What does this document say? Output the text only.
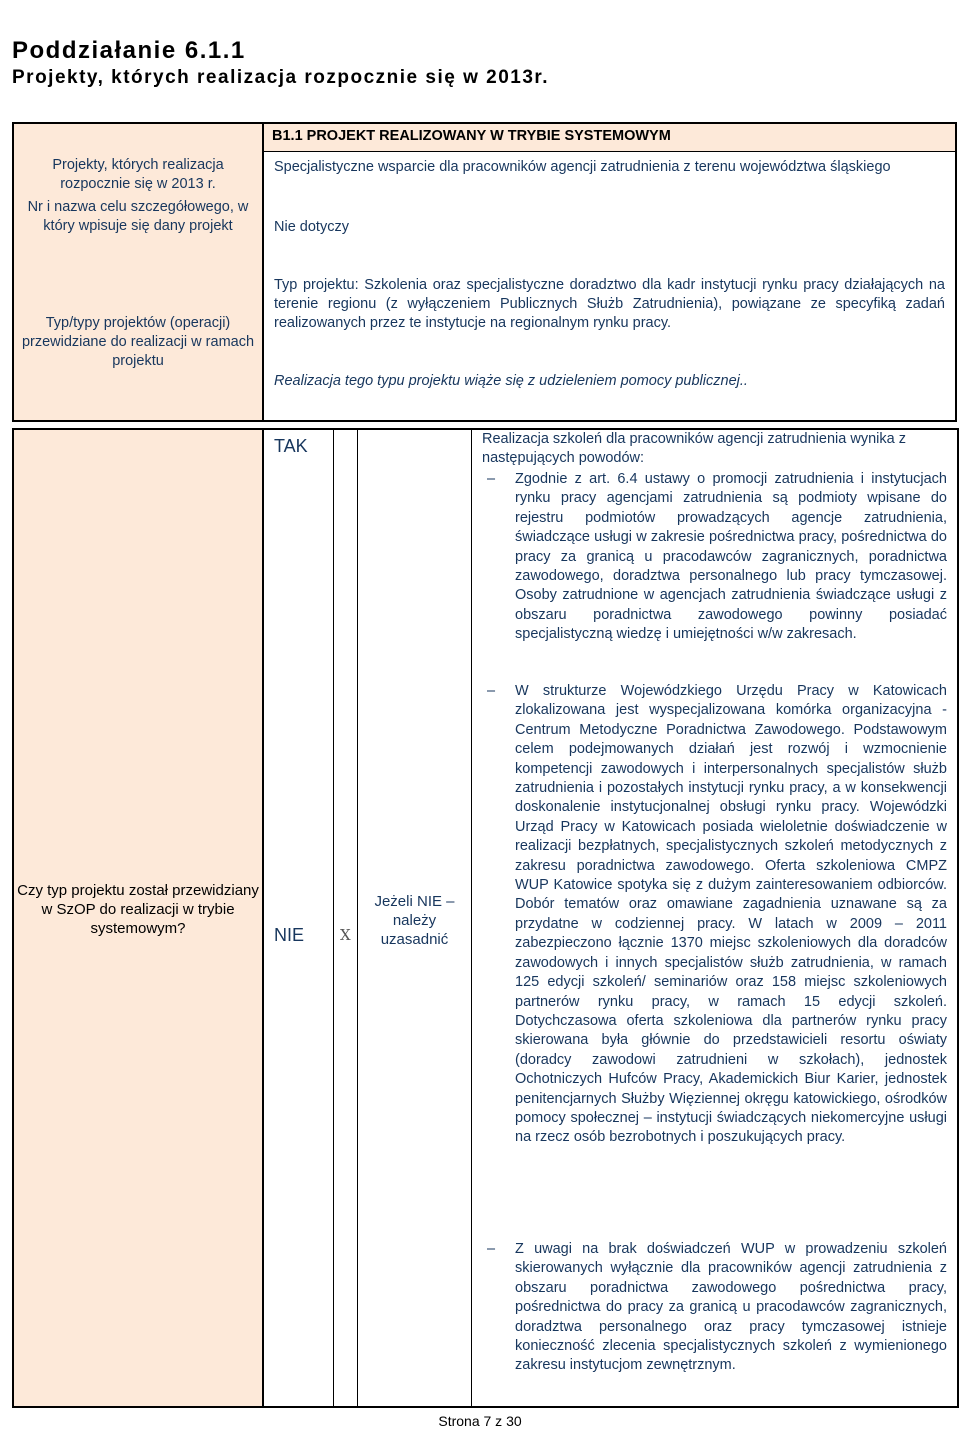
Poddziałanie 6.1.1
Projekty, których realizacja rozpocznie się w 2013r.
Projekty, których realizacja rozpocznie się w 2013 r.
Nr i nazwa celu szczegółowego, w który wpisuje się dany projekt
Typ/typy projektów (operacji) przewidziane do realizacji w ramach projektu
B1.1 PROJEKT REALIZOWANY W TRYBIE SYSTEMOWYM
Specjalistyczne wsparcie dla pracowników agencji zatrudnienia z terenu województwa śląskiego
Nie dotyczy
Typ projektu: Szkolenia oraz specjalistyczne doradztwo dla kadr instytucji rynku pracy działających na terenie regionu (z wyłączeniem Publicznych Służb Zatrudnienia), powiązane ze specyfiką zadań realizowanych przez te instytucje na regionalnym rynku pracy.
Realizacja tego typu projektu wiąże się z udzieleniem pomocy publicznej..
Czy typ projektu został przewidziany w SzOP do realizacji w trybie systemowym?
TAK
NIE X
Jeżeli NIE – należy uzasadnić
Realizacja szkoleń dla pracowników agencji zatrudnienia wynika z następujących powodów:
– Zgodnie z art. 6.4 ustawy o promocji zatrudnienia i instytucjach rynku pracy agencjami zatrudnienia są podmioty wpisane do rejestru podmiotów prowadzących agencje zatrudnienia, świadczące usługi w zakresie pośrednictwa pracy, pośrednictwa do pracy za granicą u pracodawców zagranicznych, poradnictwa zawodowego, doradztwa personalnego lub pracy tymczasowej. Osoby zatrudnione w agencjach zatrudnienia świadczące usługi z obszaru poradnictwa zawodowego powinny posiadać specjalistyczną wiedzę i umiejętności w/w zakresach.
– W strukturze Wojewódzkiego Urzędu Pracy w Katowicach zlokalizowana jest wyspecjalizowana komórka organizacyjna - Centrum Metodyczne Poradnictwa Zawodowego. Podstawowym celem podejmowanych działań jest rozwój i wzmocnienie kompetencji zawodowych i interpersonalnych specjalistów służb zatrudnienia i pozostałych instytucji rynku pracy, a w konsekwencji doskonalenie instytucjonalnej obsługi rynku pracy. Wojewódzki Urząd Pracy w Katowicach posiada wieloletnie doświadczenie w realizacji bezpłatnych, specjalistycznych szkoleń metodycznych z zakresu poradnictwa zawodowego. Oferta szkoleniowa CMPZ WUP Katowice spotyka się z dużym zainteresowaniem odbiorców. Dobór tematów oraz omawiane zagadnienia uznawane są za przydatne w codziennej pracy. W latach w 2009 – 2011 zabezpieczono łącznie 1370 miejsc szkoleniowych dla doradców zawodowych i innych specjalistów służb zatrudnienia, w ramach 125 edycji szkoleń/ seminariów oraz 158 miejsc szkoleniowych partnerów rynku pracy, w ramach 15 edycji szkoleń. Dotychczasowa oferta szkoleniowa dla partnerów rynku pracy skierowana była głównie do przedstawicieli resortu oświaty (doradcy zawodowi zatrudnieni w szkołach), jednostek Ochotniczych Hufców Pracy, Akademickich Biur Karier, jednostek penitencjarnych Służby Więziennej okręgu katowickiego, ośrodków pomocy społecznej – instytucji świadczących niekomercyjne usługi na rzecz osób bezrobotnych i poszukujących pracy.
– Z uwagi na brak doświadczeń WUP w prowadzeniu szkoleń skierowanych wyłącznie dla pracowników agencji zatrudnienia z obszaru poradnictwa zawodowego pośrednictwa pracy, pośrednictwa do pracy za granicą u pracodawców zagranicznych, doradztwa personalnego oraz pracy tymczasowej istnieje konieczność zlecenia specjalistycznych szkoleń z wymienionego zakresu instytucjom zewnętrznym.
Strona 7 z 30
